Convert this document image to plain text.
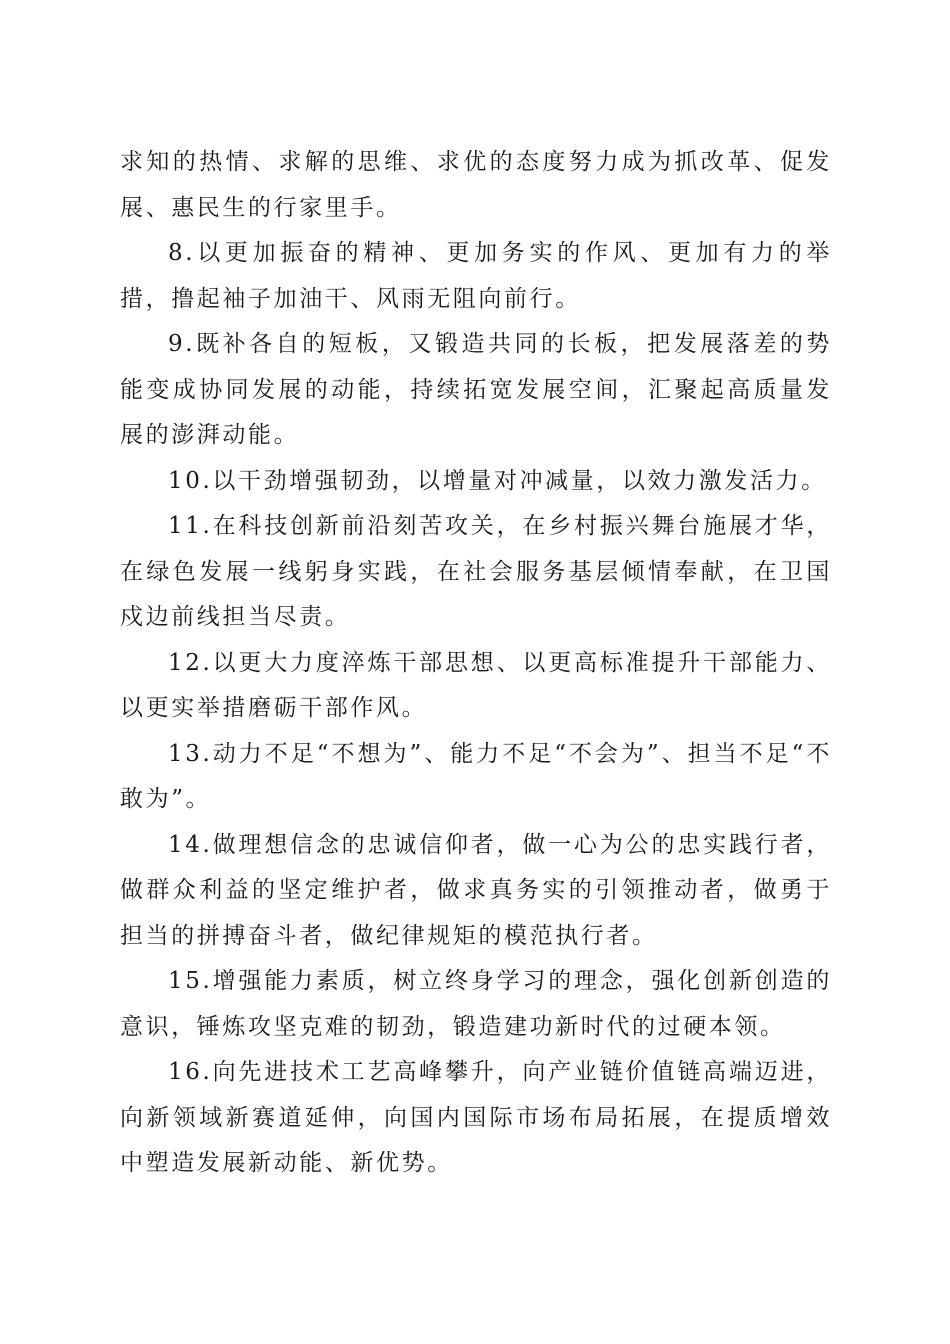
求知的热情、求解的思维、求优的态度努力成为抓改革、促发展、惠民生的行家里手。

8.以更加振奋的精神、更加务实的作风、更加有力的举措，撸起袖子加油干、风雨无阻向前行。

9.既补各自的短板，又锻造共同的长板，把发展落差的势能变成协同发展的动能，持续拓宽发展空间，汇聚起高质量发展的澎湃动能。

10.以干劲增强韧劲，以增量对冲减量，以效力激发活力。

11.在科技创新前沿刻苦攻关，在乡村振兴舞台施展才华，在绿色发展一线躬身实践，在社会服务基层倾情奉献，在卫国戍边前线担当尽责。

12.以更大力度淬炼干部思想、以更高标准提升干部能力、以更实举措磨砺干部作风。

13.动力不足“不想为”、能力不足“不会为”、担当不足“不敢为”。

14.做理想信念的忠诚信仰者，做一心为公的忠实践行者，做群众利益的坚定维护者，做求真务实的引领推动者，做勇于担当的拼搏奋斗者，做纪律规矩的模范执行者。

15.增强能力素质，树立终身学习的理念，强化创新创造的意识，锤炼攻坚克难的韧劲，锻造建功新时代的过硬本领。

16.向先进技术工艺高峰攀升，向产业链价值链高端迈进，向新领域新赛道延伸，向国内国际市场布局拓展，在提质增效中塑造发展新动能、新优势。
